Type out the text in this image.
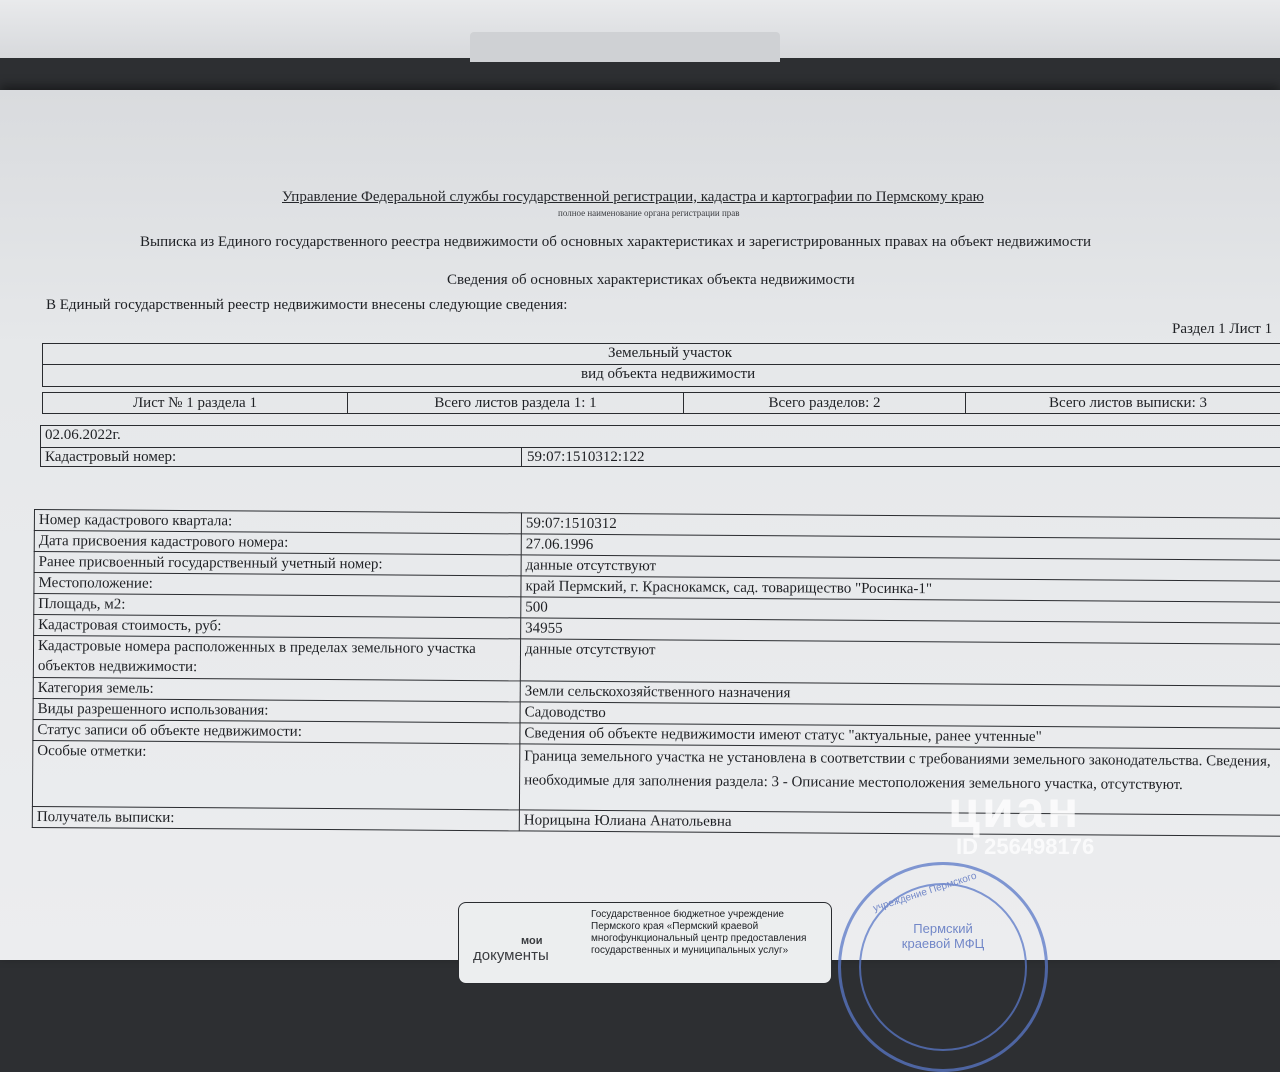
Управление Федеральной службы государственной регистрации, кадастра и картографии по Пермскому краю
полное наименование органа регистрации прав
Выписка из Единого государственного реестра недвижимости об основных характеристиках и зарегистрированных правах на объект недвижимости
Сведения об основных характеристиках объекта недвижимости
В Единый государственный реестр недвижимости внесены следующие сведения:
Раздел 1 Лист 1
Земельный участок
вид объекта недвижимости
Лист № 1 раздела 1	Всего листов раздела 1: 1	Всего разделов: 2	Всего листов выписки: 3
02.06.2022г.
Кадастровый номер:	59:07:1510312:122
Номер кадастрового квартала:	59:07:1510312
Дата присвоения кадастрового номера:	27.06.1996
Ранее присвоенный государственный учетный номер:	данные отсутствуют
Местоположение:	край Пермский, г. Краснокамск, сад. товарищество "Росинка-1"
Площадь, м2:	500
Кадастровая стоимость, руб:	34955
Кадастровые номера расположенных в пределах земельного участка объектов недвижимости:	данные отсутствуют
Категория земель:	Земли сельскохозяйственного назначения
Виды разрешенного использования:	Садоводство
Статус записи об объекте недвижимости:	Сведения об объекте недвижимости имеют статус "актуальные, ранее учтенные"
Особые отметки:	Граница земельного участка не установлена в соответствии с требованиями земельного законодательства. Сведения, необходимые для заполнения раздела: 3 - Описание местоположения земельного участка, отсутствуют.
Получатель выписки:	Норицына Юлиана Анатольевна
мои
документы
Государственное бюджетное учреждение Пермского края «Пермский краевой многофункциональный центр предоставления государственных и муниципальных услуг»
учреждение Пермского
Пермский краевой МФЦ
циан
ID 256498176
